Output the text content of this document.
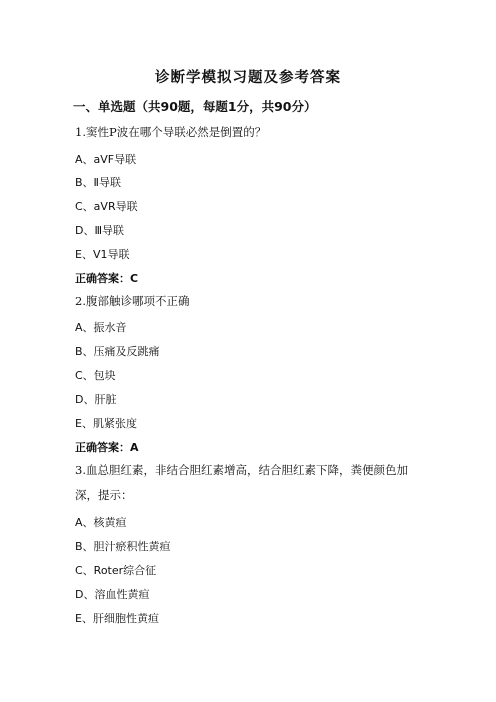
诊断学模拟习题及参考答案
一、单选题（共90题，每题1分，共90分）
1.窦性P波在哪个导联必然是倒置的？
A、aVF导联
B、Ⅱ导联
C、aVR导联
D、Ⅲ导联
E、V1导联
正确答案：C
2.腹部触诊哪项不正确
A、振水音
B、压痛及反跳痛
C、包块
D、肝脏
E、肌紧张度
正确答案：A
3.血总胆红素，非结合胆红素增高，结合胆红素下降，粪便颜色加
深，提示：
A、核黄疸
B、胆汁瘀积性黄疸
C、Roter综合征
D、溶血性黄疸
E、肝细胞性黄疸
